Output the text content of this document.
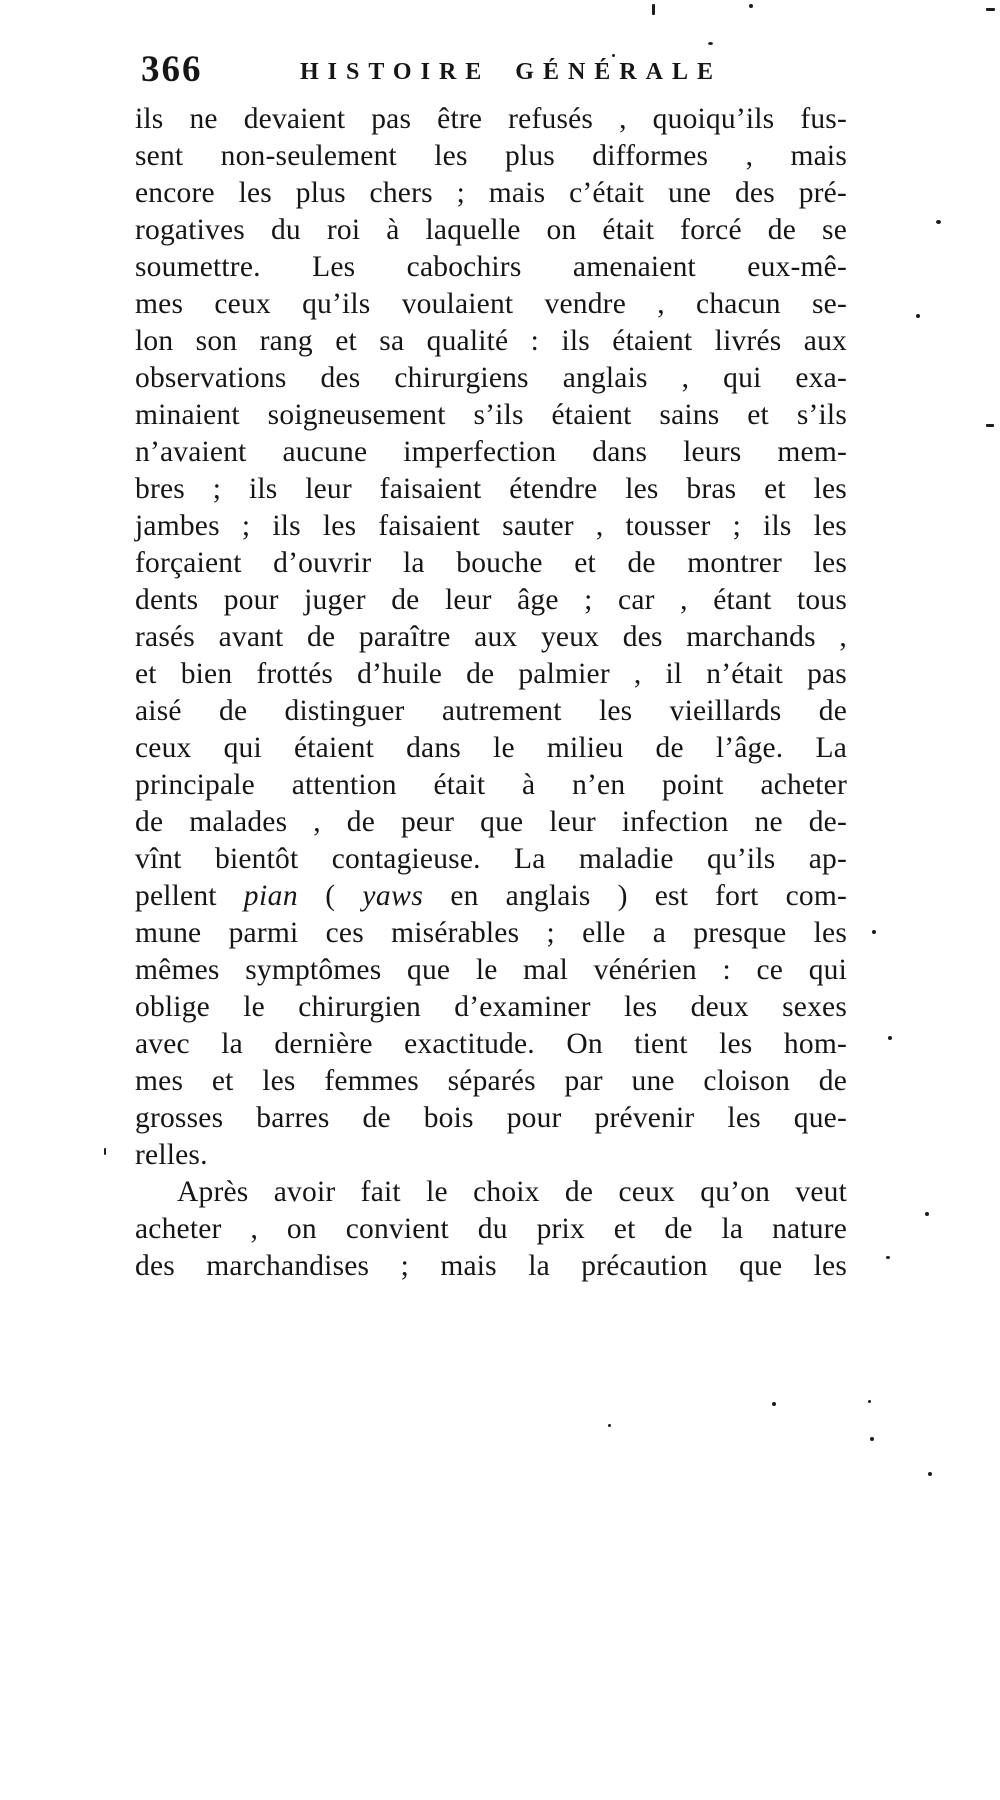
366	HISTOIRE GÉNÉRALE
ils ne devaient pas être refusés , quoiqu’ils fus-
sent non-seulement les plus difformes , mais
encore les plus chers ; mais c’était une des pré-
rogatives du roi à laquelle on était forcé de se
soumettre. Les cabochirs amenaient eux-mê-
mes ceux qu’ils voulaient vendre , chacun se-
lon son rang et sa qualité : ils étaient livrés aux
observations des chirurgiens anglais , qui exa-
minaient soigneusement s’ils étaient sains et s’ils
n’avaient aucune imperfection dans leurs mem-
bres ; ils leur faisaient étendre les bras et les
jambes ; ils les faisaient sauter , tousser ; ils les
forçaient d’ouvrir la bouche et de montrer les
dents pour juger de leur âge ; car , étant tous
rasés avant de paraître aux yeux des marchands ,
et bien frottés d’huile de palmier , il n’était pas
aisé de distinguer autrement les vieillards de
ceux qui étaient dans le milieu de l’âge. La
principale attention était à n’en point acheter
de malades , de peur que leur infection ne de-
vînt bientôt contagieuse. La maladie qu’ils ap-
pellent pian ( yaws en anglais ) est fort com-
mune parmi ces misérables ; elle a presque les
mêmes symptômes que le mal vénérien : ce qui
oblige le chirurgien d’examiner les deux sexes
avec la dernière exactitude. On tient les hom-
mes et les femmes séparés par une cloison de
grosses barres de bois pour prévenir les que-
relles.
Après avoir fait le choix de ceux qu’on veut
acheter , on convient du prix et de la nature
des marchandises ; mais la précaution que les
